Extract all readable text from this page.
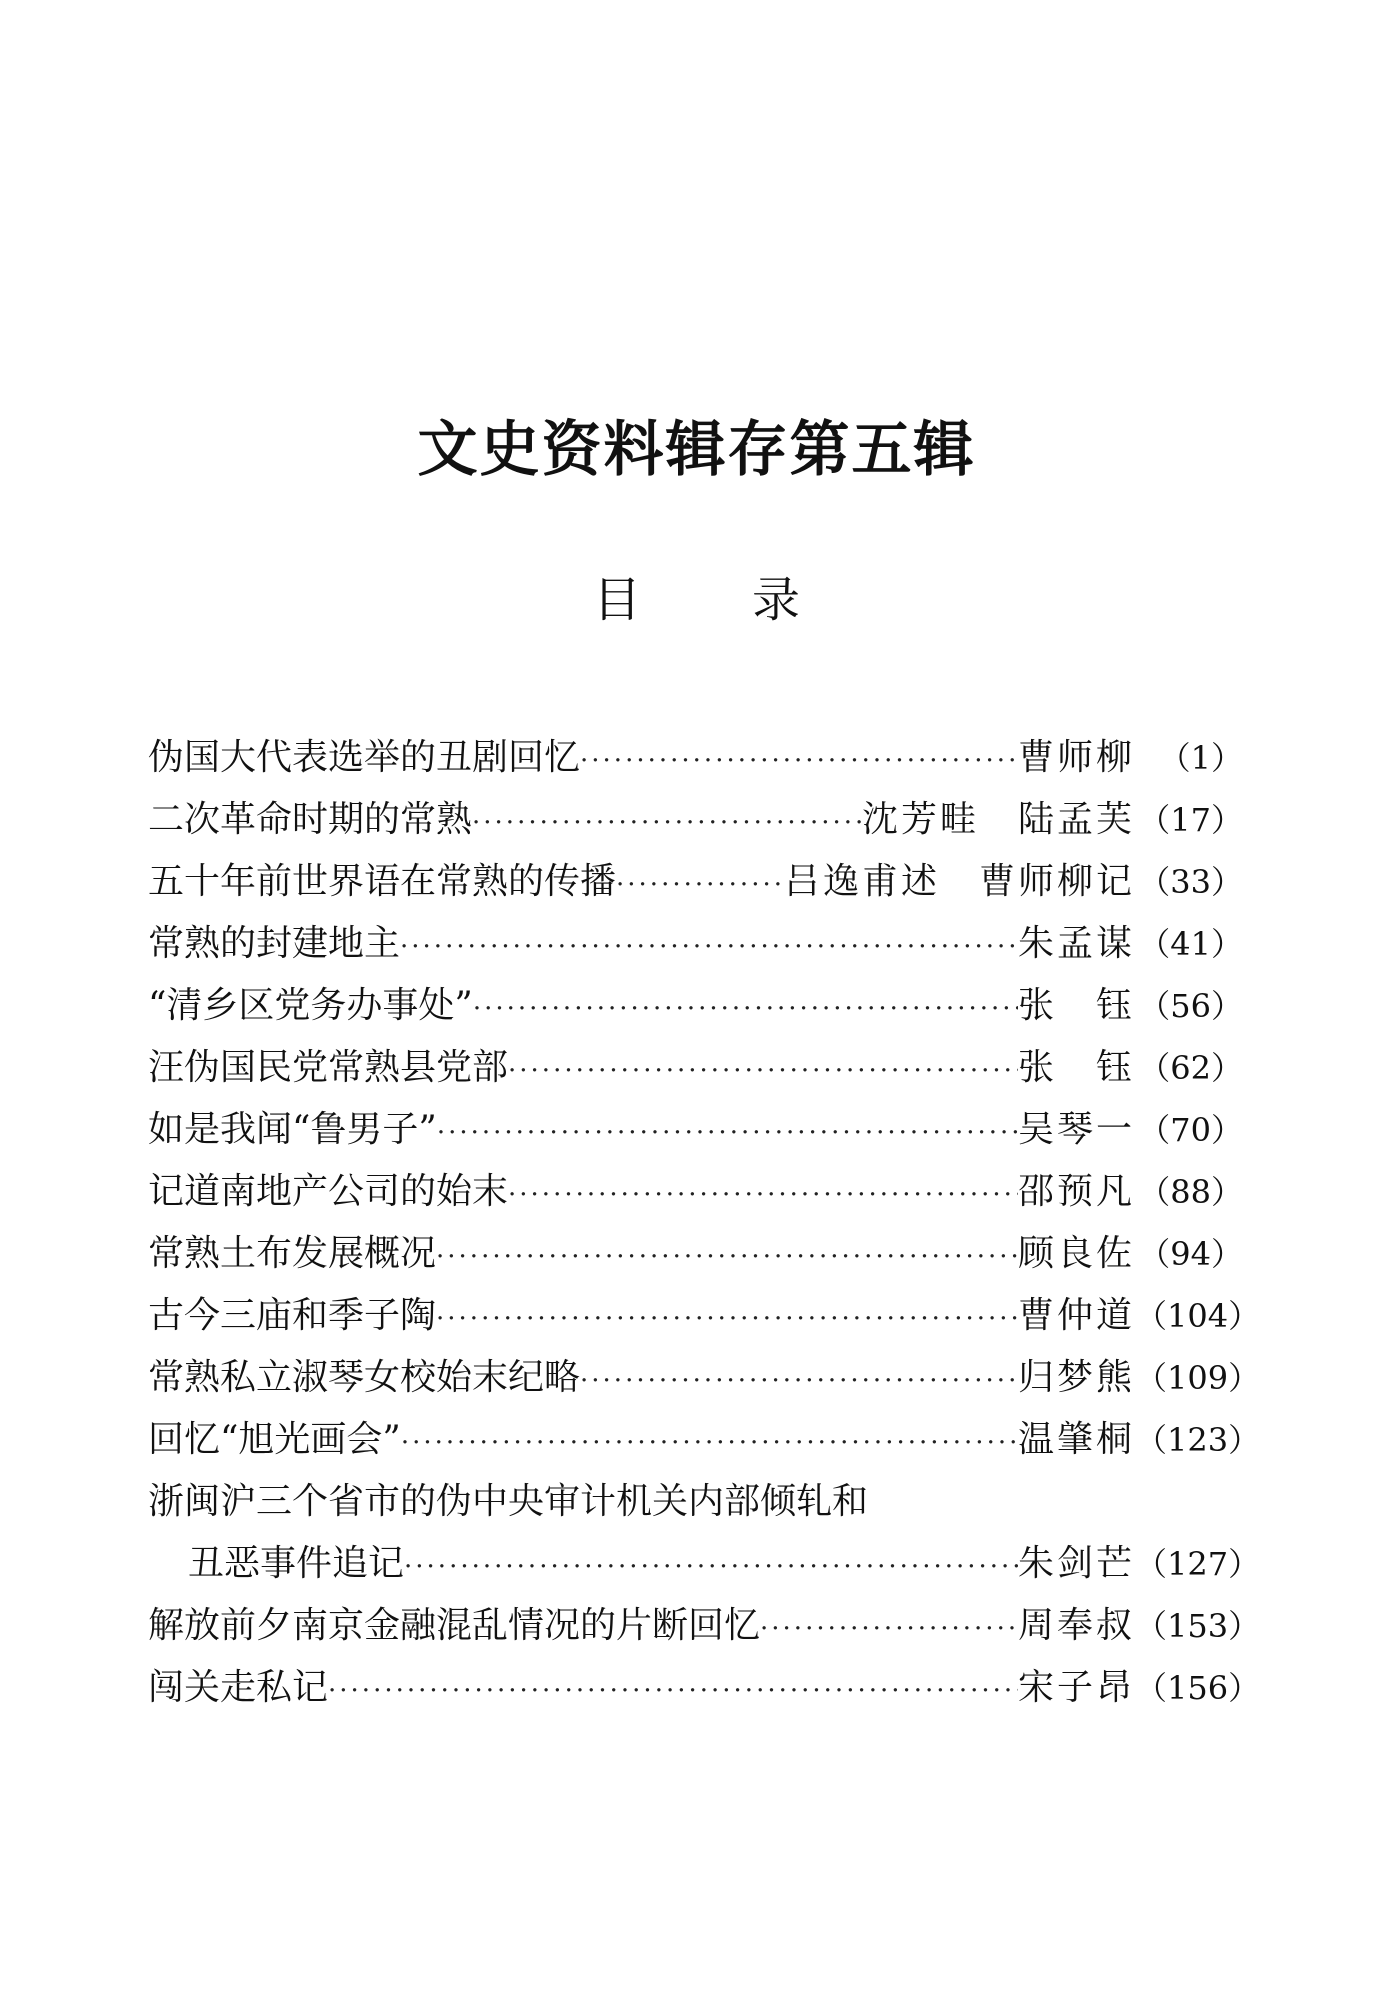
文史资料辑存第五辑
目 录
伪国大代表选举的丑剧回忆 ·····	曹师柳 （1）
二次革命时期的常熟 ·····	沈芳畦　陆孟芙 （17）
五十年前世界语在常熟的传播 ·····	吕逸甫述　曹师柳记 （33）
常熟的封建地主 ·····	朱孟谋 （41）
“清乡区党务办事处” ·····	张　钰 （56）
汪伪国民党常熟县党部 ·····	张　钰 （62）
如是我闻“鲁男子” ·····	吴琴一 （70）
记道南地产公司的始末 ·····	邵预凡 （88）
常熟土布发展概况 ·····	顾良佐 （94）
古今三庙和季子陶 ·····	曹仲道 （104）
常熟私立淑琴女校始末纪略 ·····	归梦熊 （109）
回忆“旭光画会” ·····	温肇桐 （123）
浙闽沪三个省市的伪中央审计机关内部倾轧和
丑恶事件追记 ·····	朱剑芒 （127）
解放前夕南京金融混乱情况的片断回忆 ·····	周奉叔 （153）
闯关走私记 ·····	宋子昂 （156）
